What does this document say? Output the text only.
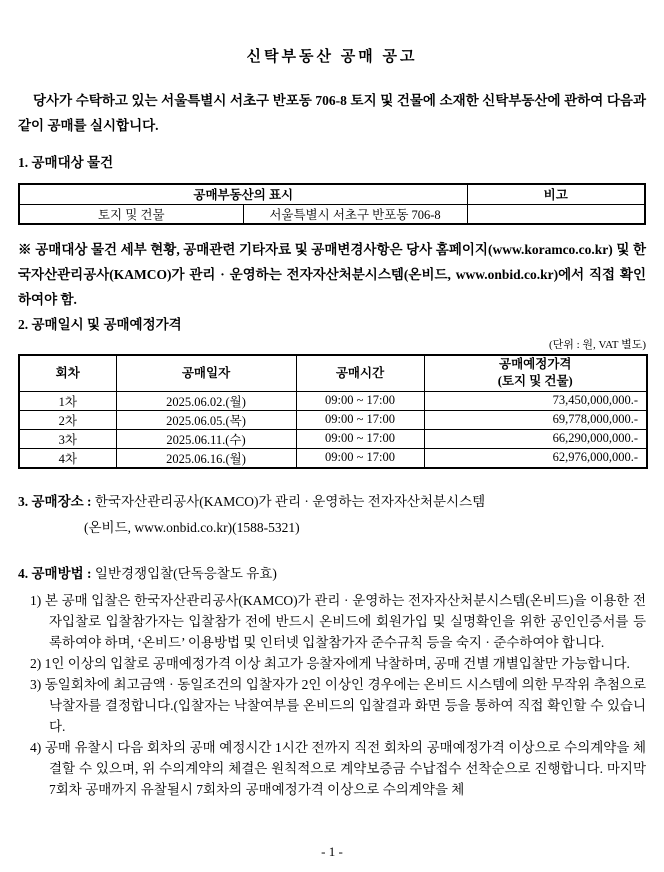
신탁부동산 공매 공고

당사가 수탁하고 있는 서울특별시 서초구 반포동 706-8 토지 및 건물에 소재한 신탁부동산에 관하여 다음과 같이 공매를 실시합니다.

1. 공매대상 물건
공매부동산의 표시		비고
토지 및 건물	서울특별시 서초구 반포동 706-8	

※ 공매대상 물건 세부 현황, 공매관련 기타자료 및 공매변경사항은 당사 홈페이지(www.koramco.co.kr) 및 한국자산관리공사(KAMCO)가 관리 · 운영하는 전자자산처분시스템(온비드, www.onbid.co.kr)에서 직접 확인하여야 함.

2. 공매일시 및 공매예정가격
(단위 : 원, VAT 별도)
회차	공매일자	공매시간	공매예정가격
(토지 및 건물)

1차	2025.06.02.(월)	09:00 ~ 17:00	73,450,000,000.-
2차	2025.06.05.(목)	09:00 ~ 17:00	69,778,000,000.-
3차	2025.06.11.(수)	09:00 ~ 17:00	66,290,000,000.-
4차	2025.06.16.(월)	09:00 ~ 17:00	62,976,000,000.-
3. 공매장소 : 한국자산관리공사(KAMCO)가 관리 · 운영하는 전자자산처분시스템
(온비드, www.onbid.co.kr)(1588-5321)
4. 공매방법 : 일반경쟁입찰(단독응찰도 유효)

1) 본 공매 입찰은 한국자산관리공사(KAMCO)가 관리 · 운영하는 전자자산처분시스템(온비드)을 이용한 전자입찰로 입찰참가자는 입찰참가 전에 반드시 온비드에 회원가입 및 실명확인을 위한 공인인증서를 등록하여야 하며, ‘온비드’ 이용방법 및 인터넷 입찰참가자 준수규칙 등을 숙지 · 준수하여야 합니다.

2) 1인 이상의 입찰로 공매예정가격 이상 최고가 응찰자에게 낙찰하며, 공매 건별 개별입찰만 가능합니다.

3) 동일회차에 최고금액 · 동일조건의 입찰자가 2인 이상인 경우에는 온비드 시스템에 의한 무작위 추첨으로 낙찰자를 결정합니다.(입찰자는 낙찰여부를 온비드의 입찰결과 화면 등을 통하여 직접 확인할 수 있습니다.

4) 공매 유찰시 다음 회차의 공매 예정시간 1시간 전까지 직전 회차의 공매예정가격 이상으로 수의계약을 체결할 수 있으며, 위 수의계약의 체결은 원칙적으로 계약보증금 수납접수 선착순으로 진행합니다. 마지막 7회차 공매까지 유찰될시 7회차의 공매예정가격 이상으로 수의계약을 체

- 1 -
